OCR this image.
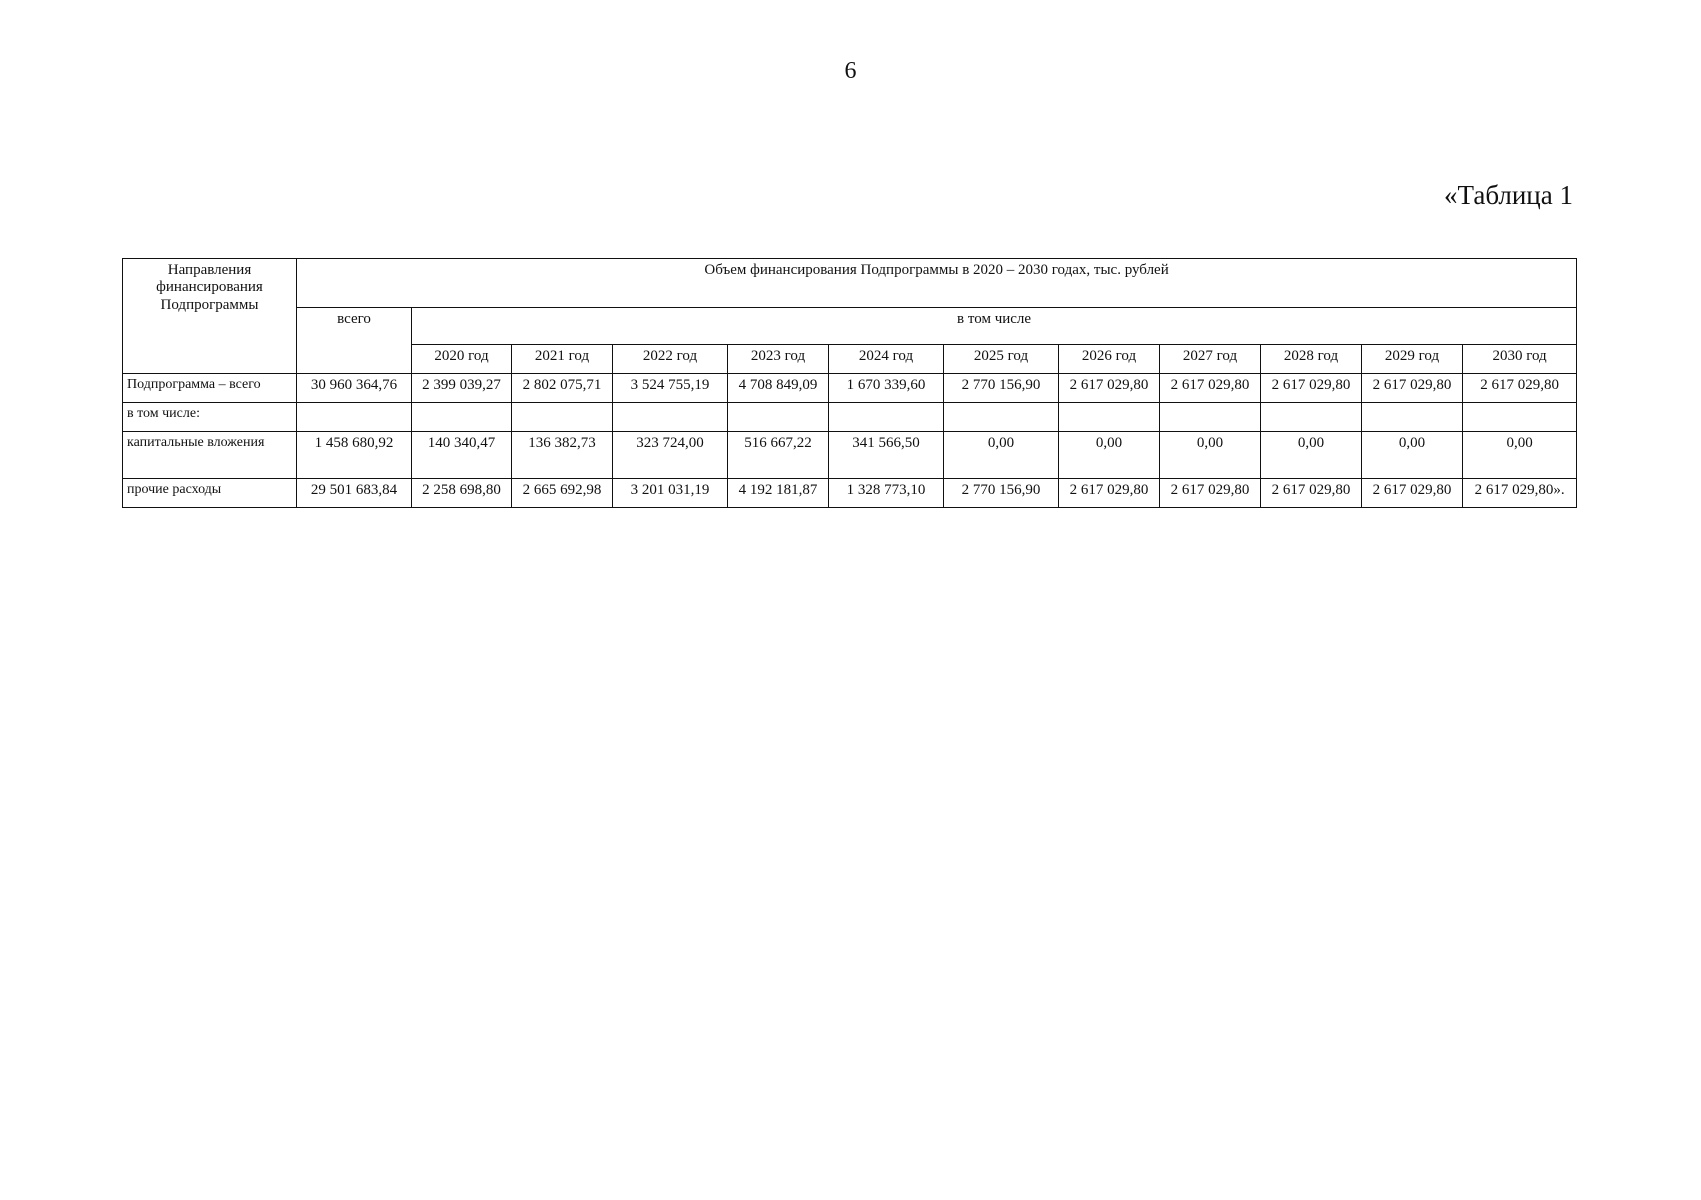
6
«Таблица 1
Направления финансирования Подпрограммы	Объем финансирования Подпрограммы в 2020 – 2030 годах, тыс. рублей											
	всего	в том числе										
		2020 год	2021 год	2022 год	2023 год	2024 год	2025 год	2026 год	2027 год	2028 год	2029 год	2030 год
Подпрограмма – всего	30 960 364,76	2 399 039,27	2 802 075,71	3 524 755,19	4 708 849,09	1 670 339,60	2 770 156,90	2 617 029,80	2 617 029,80	2 617 029,80	2 617 029,80	2 617 029,80
в том числе:												
капитальные вложения	1 458 680,92	140 340,47	136 382,73	323 724,00	516 667,22	341 566,50	0,00	0,00	0,00	0,00	0,00	0,00
прочие расходы	29 501 683,84	2 258 698,80	2 665 692,98	3 201 031,19	4 192 181,87	1 328 773,10	2 770 156,90	2 617 029,80	2 617 029,80	2 617 029,80	2 617 029,80	2 617 029,80».
